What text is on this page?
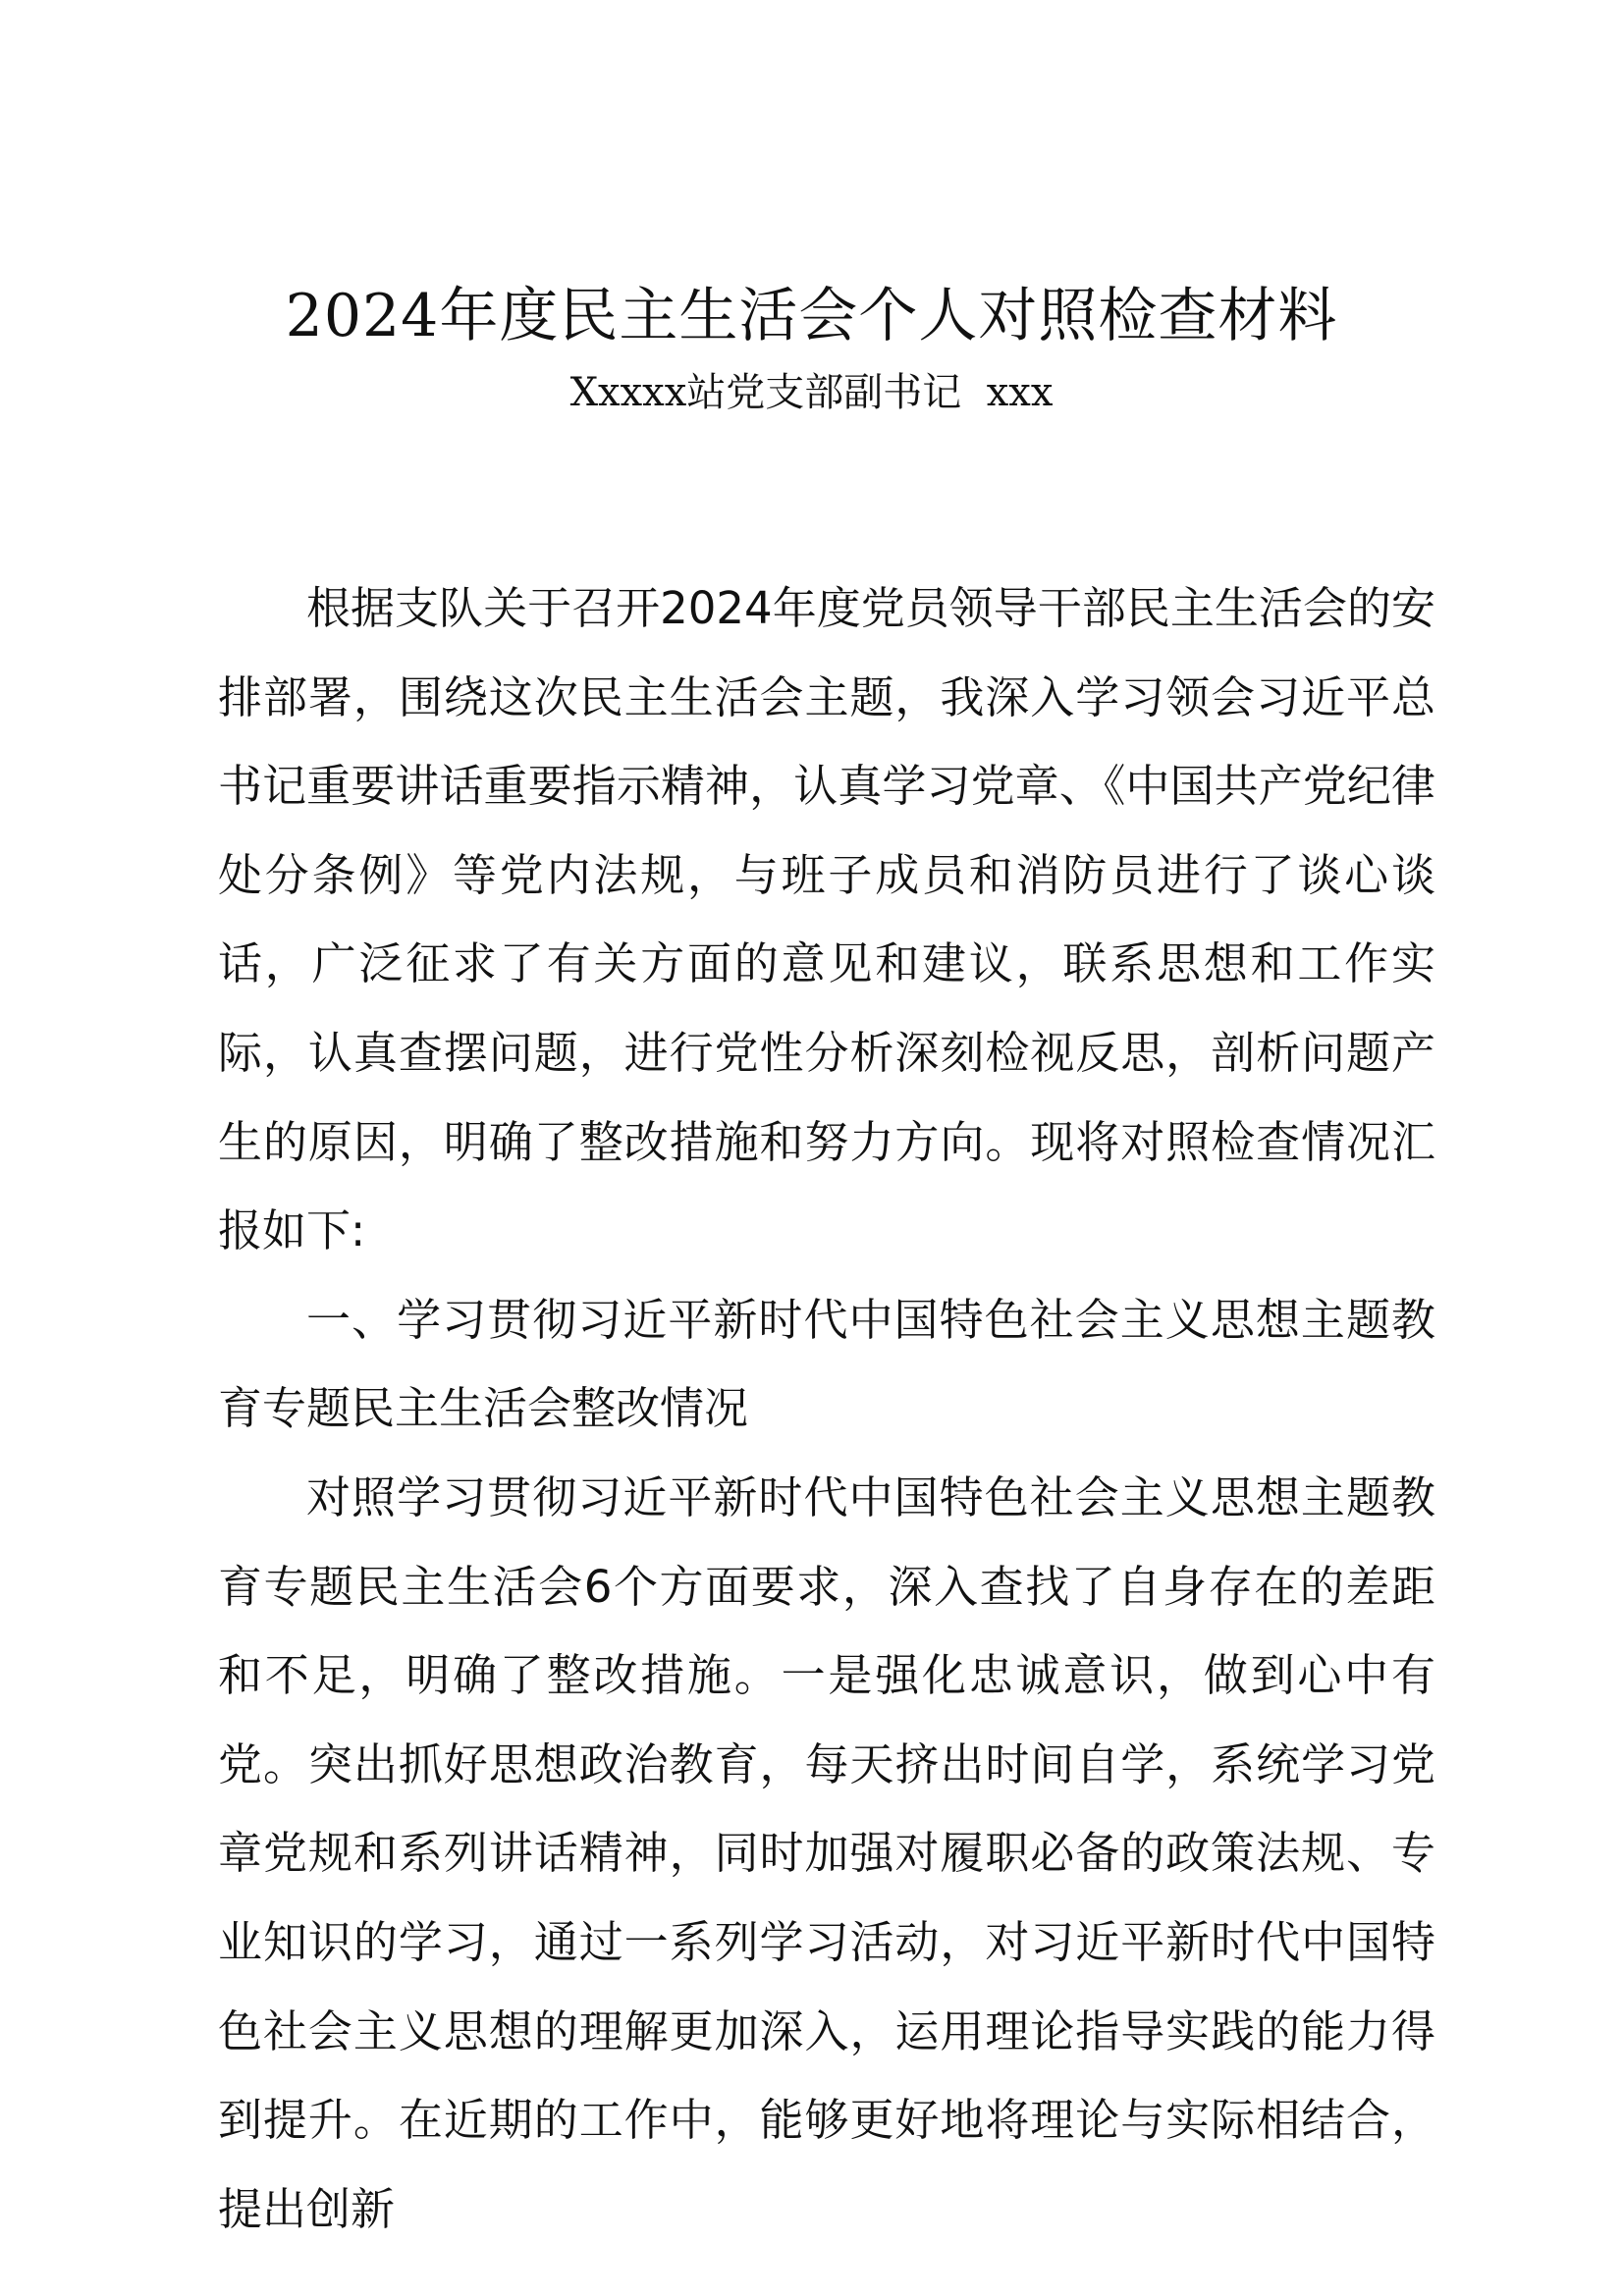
2024年度民主生活会个人对照检查材料
Xxxxx站党支部副书记  xxx

根据支队关于召开2024年度党员领导干部民主生活会的安排部署，围绕这次民主生活会主题，我深入学习领会习近平总书记重要讲话重要指示精神，认真学习党章、《中国共产党纪律处分条例》等党内法规，与班子成员和消防员进行了谈心谈话，广泛征求了有关方面的意见和建议，联系思想和工作实际，认真查摆问题，进行党性分析深刻检视反思，剖析问题产生的原因，明确了整改措施和努力方向。现将对照检查情况汇报如下:

一、学习贯彻习近平新时代中国特色社会主义思想主题教育专题民主生活会整改情况

对照学习贯彻习近平新时代中国特色社会主义思想主题教育专题民主生活会6个方面要求，深入查找了自身存在的差距和不足，明确了整改措施。一是强化忠诚意识，做到心中有党。突出抓好思想政治教育，每天挤出时间自学，系统学习党章党规和系列讲话精神，同时加强对履职必备的政策法规、专业知识的学习，通过一系列学习活动，对习近平新时代中国特色社会主义思想的理解更加深入，运用理论指导实践的能力得到提升。在近期的工作中，能够更好地将理论与实际相结合，提出创新
